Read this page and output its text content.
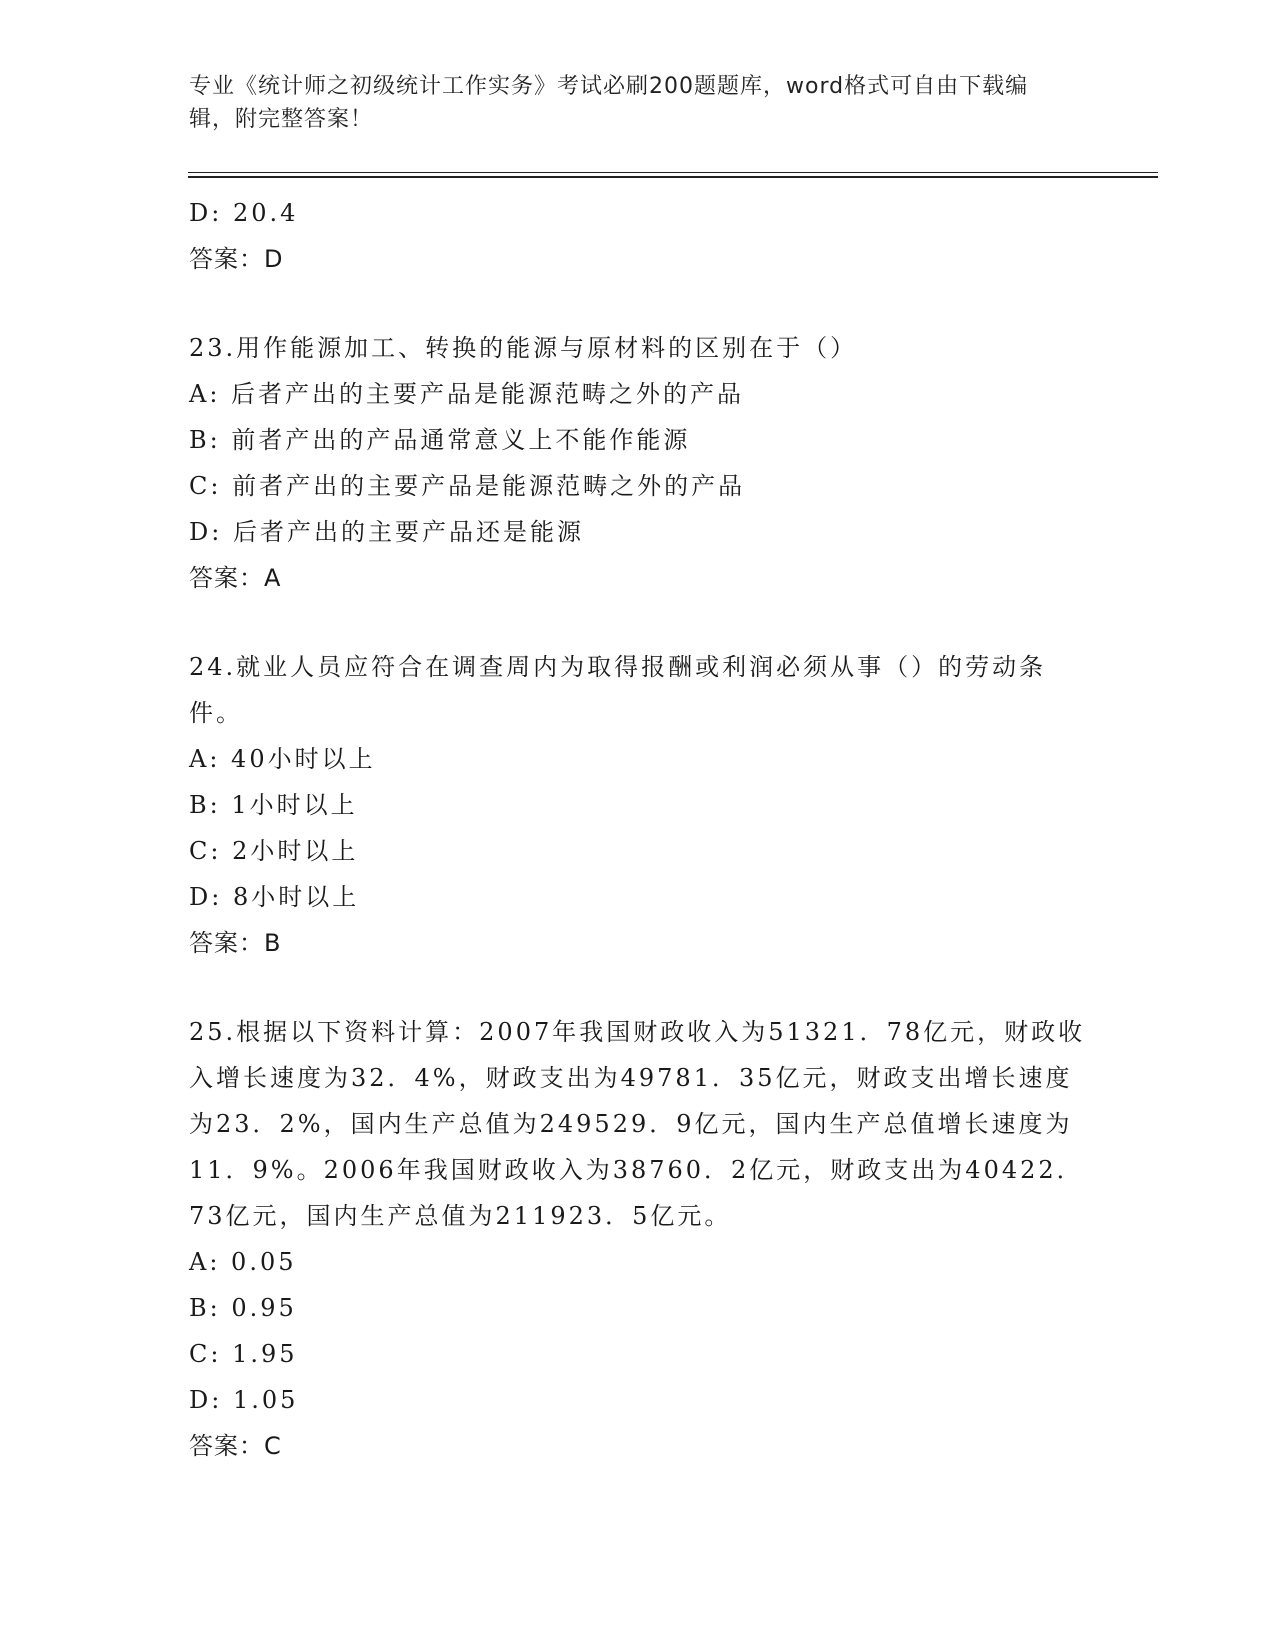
专业《统计师之初级统计工作实务》考试必刷200题题库，word格式可自由下载编辑，附完整答案！
D: 20.4
答案：D
23.用作能源加工、转换的能源与原材料的区别在于（）
A: 后者产出的主要产品是能源范畴之外的产品
B: 前者产出的产品通常意义上不能作能源
C: 前者产出的主要产品是能源范畴之外的产品
D: 后者产出的主要产品还是能源
答案：A
24.就业人员应符合在调查周内为取得报酬或利润必须从事（）的劳动条件。
A: 40小时以上
B: 1小时以上
C: 2小时以上
D: 8小时以上
答案：B
25.根据以下资料计算：2007年我国财政收入为51321．78亿元，财政收入增长速度为32．4%，财政支出为49781．35亿元，财政支出增长速度为23．2%，国内生产总值为249529．9亿元，国内生产总值增长速度为11．9%。2006年我国财政收入为38760．2亿元，财政支出为40422．73亿元，国内生产总值为211923．5亿元。
A: 0.05
B: 0.95
C: 1.95
D: 1.05
答案：C
